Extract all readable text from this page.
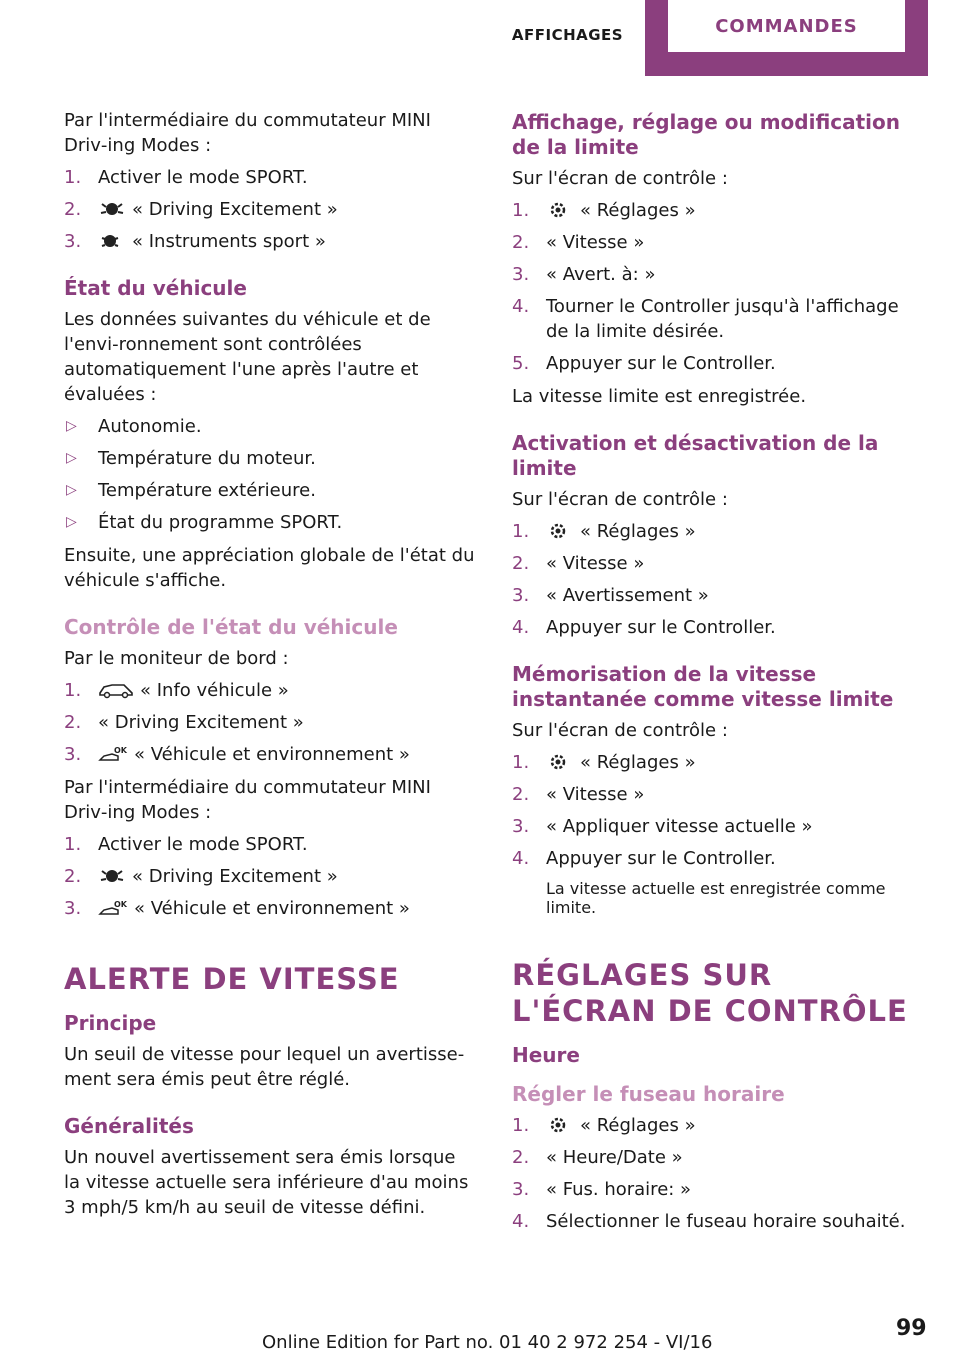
AFFICHAGES	COMMANDES

Par l'intermédiaire du commutateur MINI Driv‐ing Modes :

1. Activer le mode SPORT.
2.	« Driving Excitement »
3.	« Instruments sport »
État du véhicule

Les données suivantes du véhicule et de l'envi‐ronnement sont contrôlées automatiquement l'une après l'autre et évaluées :

▷ Autonomie.
▷ Température du moteur.
▷ Température extérieure.
▷ État du programme SPORT.

Ensuite, une appréciation globale de l'état du véhicule s'affiche.

Contrôle de l'état du véhicule

Par le moniteur de bord :

1.	« Info véhicule »
2. « Driving Excitement »
3.	OK « Véhicule et environnement »

Par l'intermédiaire du commutateur MINI Driv‐ing Modes :

1. Activer le mode SPORT.
2.	« Driving Excitement »
3.	OK « Véhicule et environnement »
ALERTE DE VITESSE
Principe

Un seuil de vitesse pour lequel un avertisse‐ment sera émis peut être réglé.

Généralités

Un nouvel avertissement sera émis lorsque la vitesse actuelle sera inférieure d'au moins 3 mph/5 km/h au seuil de vitesse défini.

Affichage, réglage ou modification de la limite

Sur l'écran de contrôle :

1.	« Réglages »
2. « Vitesse »
3. « Avert. à: »
4. Tourner le Controller jusqu'à l'affichage de la limite désirée.
5. Appuyer sur le Controller.

La vitesse limite est enregistrée.

Activation et désactivation de la limite

Sur l'écran de contrôle :

1.	« Réglages »
2. « Vitesse »
3. « Avertissement »
4. Appuyer sur le Controller.
Mémorisation de la vitesse instantanée comme vitesse limite

Sur l'écran de contrôle :

1.	« Réglages »
2. « Vitesse »
3. « Appliquer vitesse actuelle »
4. Appuyer sur le Controller.
La vitesse actuelle est enregistrée comme limite.
RÉGLAGES SUR L'ÉCRAN DE CONTRÔLE
Heure
Régler le fuseau horaire
1.	« Réglages »
2. « Heure/Date »
3. « Fus. horaire: »
4. Sélectionner le fuseau horaire souhaité.
Online Edition for Part no. 01 40 2 972 254 - VI/16
99
